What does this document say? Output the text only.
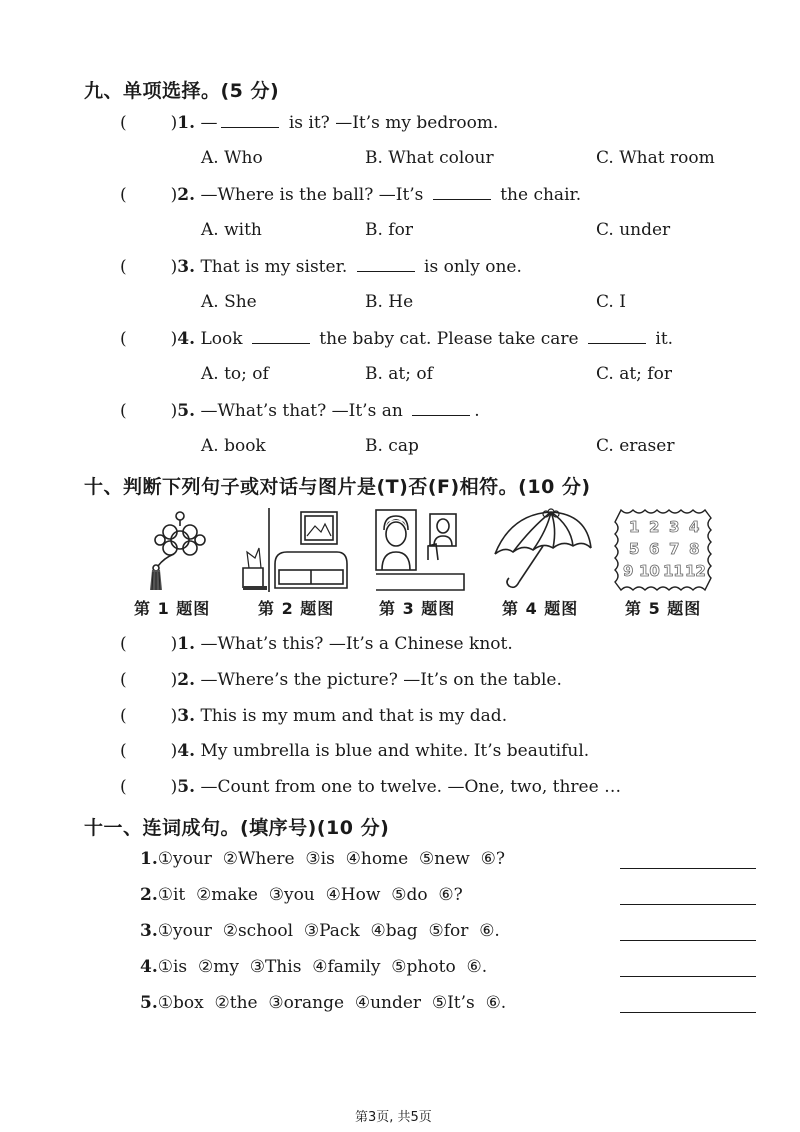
九、单项选择。(5 分)
(	)1. —	is it? —It’s my bedroom.
A. Who	B. What colour	C. What room
(	)2. —Where is the ball? —It’s	the chair.
A. with	B. for	C. under
(	)3. That is my sister.	is only one.
A. She	B. He	C. I
(	)4. Look	the baby cat. Please take care	it.
A. to; of	B. at; of	C. at; for
(	)5. —What’s that? —It’s an	.
A. book	B. cap	C. eraser
十、判断下列句子或对话与图片是(T)否(F)相符。(10 分)
1 2 3 4
5 6 7 8
9 10 11 12
第 1 题图	第 2 题图	第 3 题图	第 4 题图	第 5 题图
(	)1. —What’s this? —It’s a Chinese knot.
(	)2. —Where’s the picture? —It’s on the table.
(	)3. This is my mum and that is my dad.
(	)4. My umbrella is blue and white. It’s beautiful.
(	)5. —Count from one to twelve. —One, two, three …
十一、连词成句。(填序号)(10 分)
1.①your  ②Where  ③is  ④home  ⑤new  ⑥?
2.①it  ②make  ③you  ④How  ⑤do  ⑥?
3.①your  ②school  ③Pack  ④bag  ⑤for  ⑥.
4.①is  ②my  ③This  ④family  ⑤photo  ⑥.
5.①box  ②the  ③orange  ④under  ⑤It’s  ⑥.
第3页, 共5页
